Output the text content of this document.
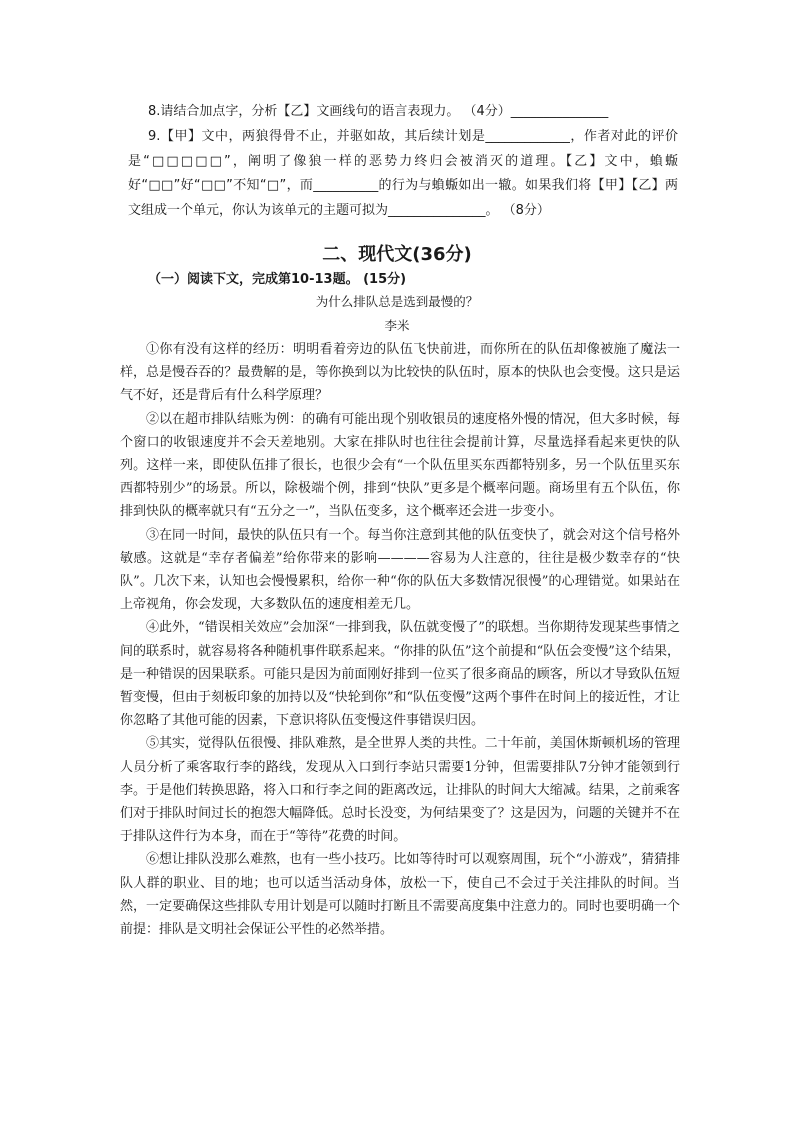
8.请结合加点字，分析【乙】文画线句的语言表现力。 （4分）_______________
9.【甲】文中，两狼得骨不止，并驱如故，其后续计划是_____________，作者对此的评价是“□□□□□”，阐明了像狼一样的恶势力终归会被消灭的道理。【乙】文中，蝜蝂好“□□”好“□□”不知“□”，而__________的行为与蝜蝂如出一辙。如果我们将【甲】【乙】两文组成一个单元，你认为该单元的主题可拟为_______________。 （8分）
二、现代文(36分)
（一）阅读下文，完成第10-13题。 (15分)
为什么排队总是选到最慢的？
李米

①你有没有这样的经历：明明看着旁边的队伍飞快前进，而你所在的队伍却像被施了魔法一样，总是慢吞吞的？最费解的是，等你换到以为比较快的队伍时，原本的快队也会变慢。这只是运气不好，还是背后有什么科学原理？

②以在超市排队结账为例：的确有可能出现个别收银员的速度格外慢的情况，但大多时候，每个窗口的收银速度并不会天差地别。大家在排队时也往往会提前计算，尽量选择看起来更快的队列。这样一来，即使队伍排了很长，也很少会有“一个队伍里买东西都特别多，另一个队伍里买东西都特别少”的场景。所以，除极端个例，排到“快队”更多是个概率问题。商场里有五个队伍，你排到快队的概率就只有“五分之一”，当队伍变多，这个概率还会进一步变小。

③在同一时间，最快的队伍只有一个。每当你注意到其他的队伍变快了，就会对这个信号格外敏感。这就是“幸存者偏差”给你带来的影响————容易为人注意的，往往是极少数幸存的“快队”。几次下来，认知也会慢慢累积，给你一种“你的队伍大多数情况很慢”的心理错觉。如果站在上帝视角，你会发现，大多数队伍的速度相差无几。

④此外，“错误相关效应”会加深“一排到我，队伍就变慢了”的联想。当你期待发现某些事情之间的联系时，就容易将各种随机事件联系起来。“你排的队伍”这个前提和“队伍会变慢”这个结果，是一种错误的因果联系。可能只是因为前面刚好排到一位买了很多商品的顾客，所以才导致队伍短暂变慢，但由于刻板印象的加持以及“快轮到你”和“队伍变慢”这两个事件在时间上的接近性，才让你忽略了其他可能的因素，下意识将队伍变慢这件事错误归因。

⑤其实，觉得队伍很慢、排队难熬，是全世界人类的共性。二十年前，美国休斯顿机场的管理人员分析了乘客取行李的路线，发现从入口到行李站只需要1分钟，但需要排队7分钟才能领到行李。于是他们转换思路，将入口和行李之间的距离改远，让排队的时间大大缩减。结果，之前乘客们对于排队时间过长的抱怨大幅降低。总时长没变，为何结果变了？这是因为，问题的关键并不在于排队这件行为本身，而在于“等待”花费的时间。

⑥想让排队没那么难熬，也有一些小技巧。比如等待时可以观察周围，玩个“小游戏”，猜猜排队人群的职业、目的地；也可以适当活动身体，放松一下，使自己不会过于关注排队的时间。当然，一定要确保这些排队专用计划是可以随时打断且不需要高度集中注意力的。同时也要明确一个前提：排队是文明社会保证公平性的必然举措。
